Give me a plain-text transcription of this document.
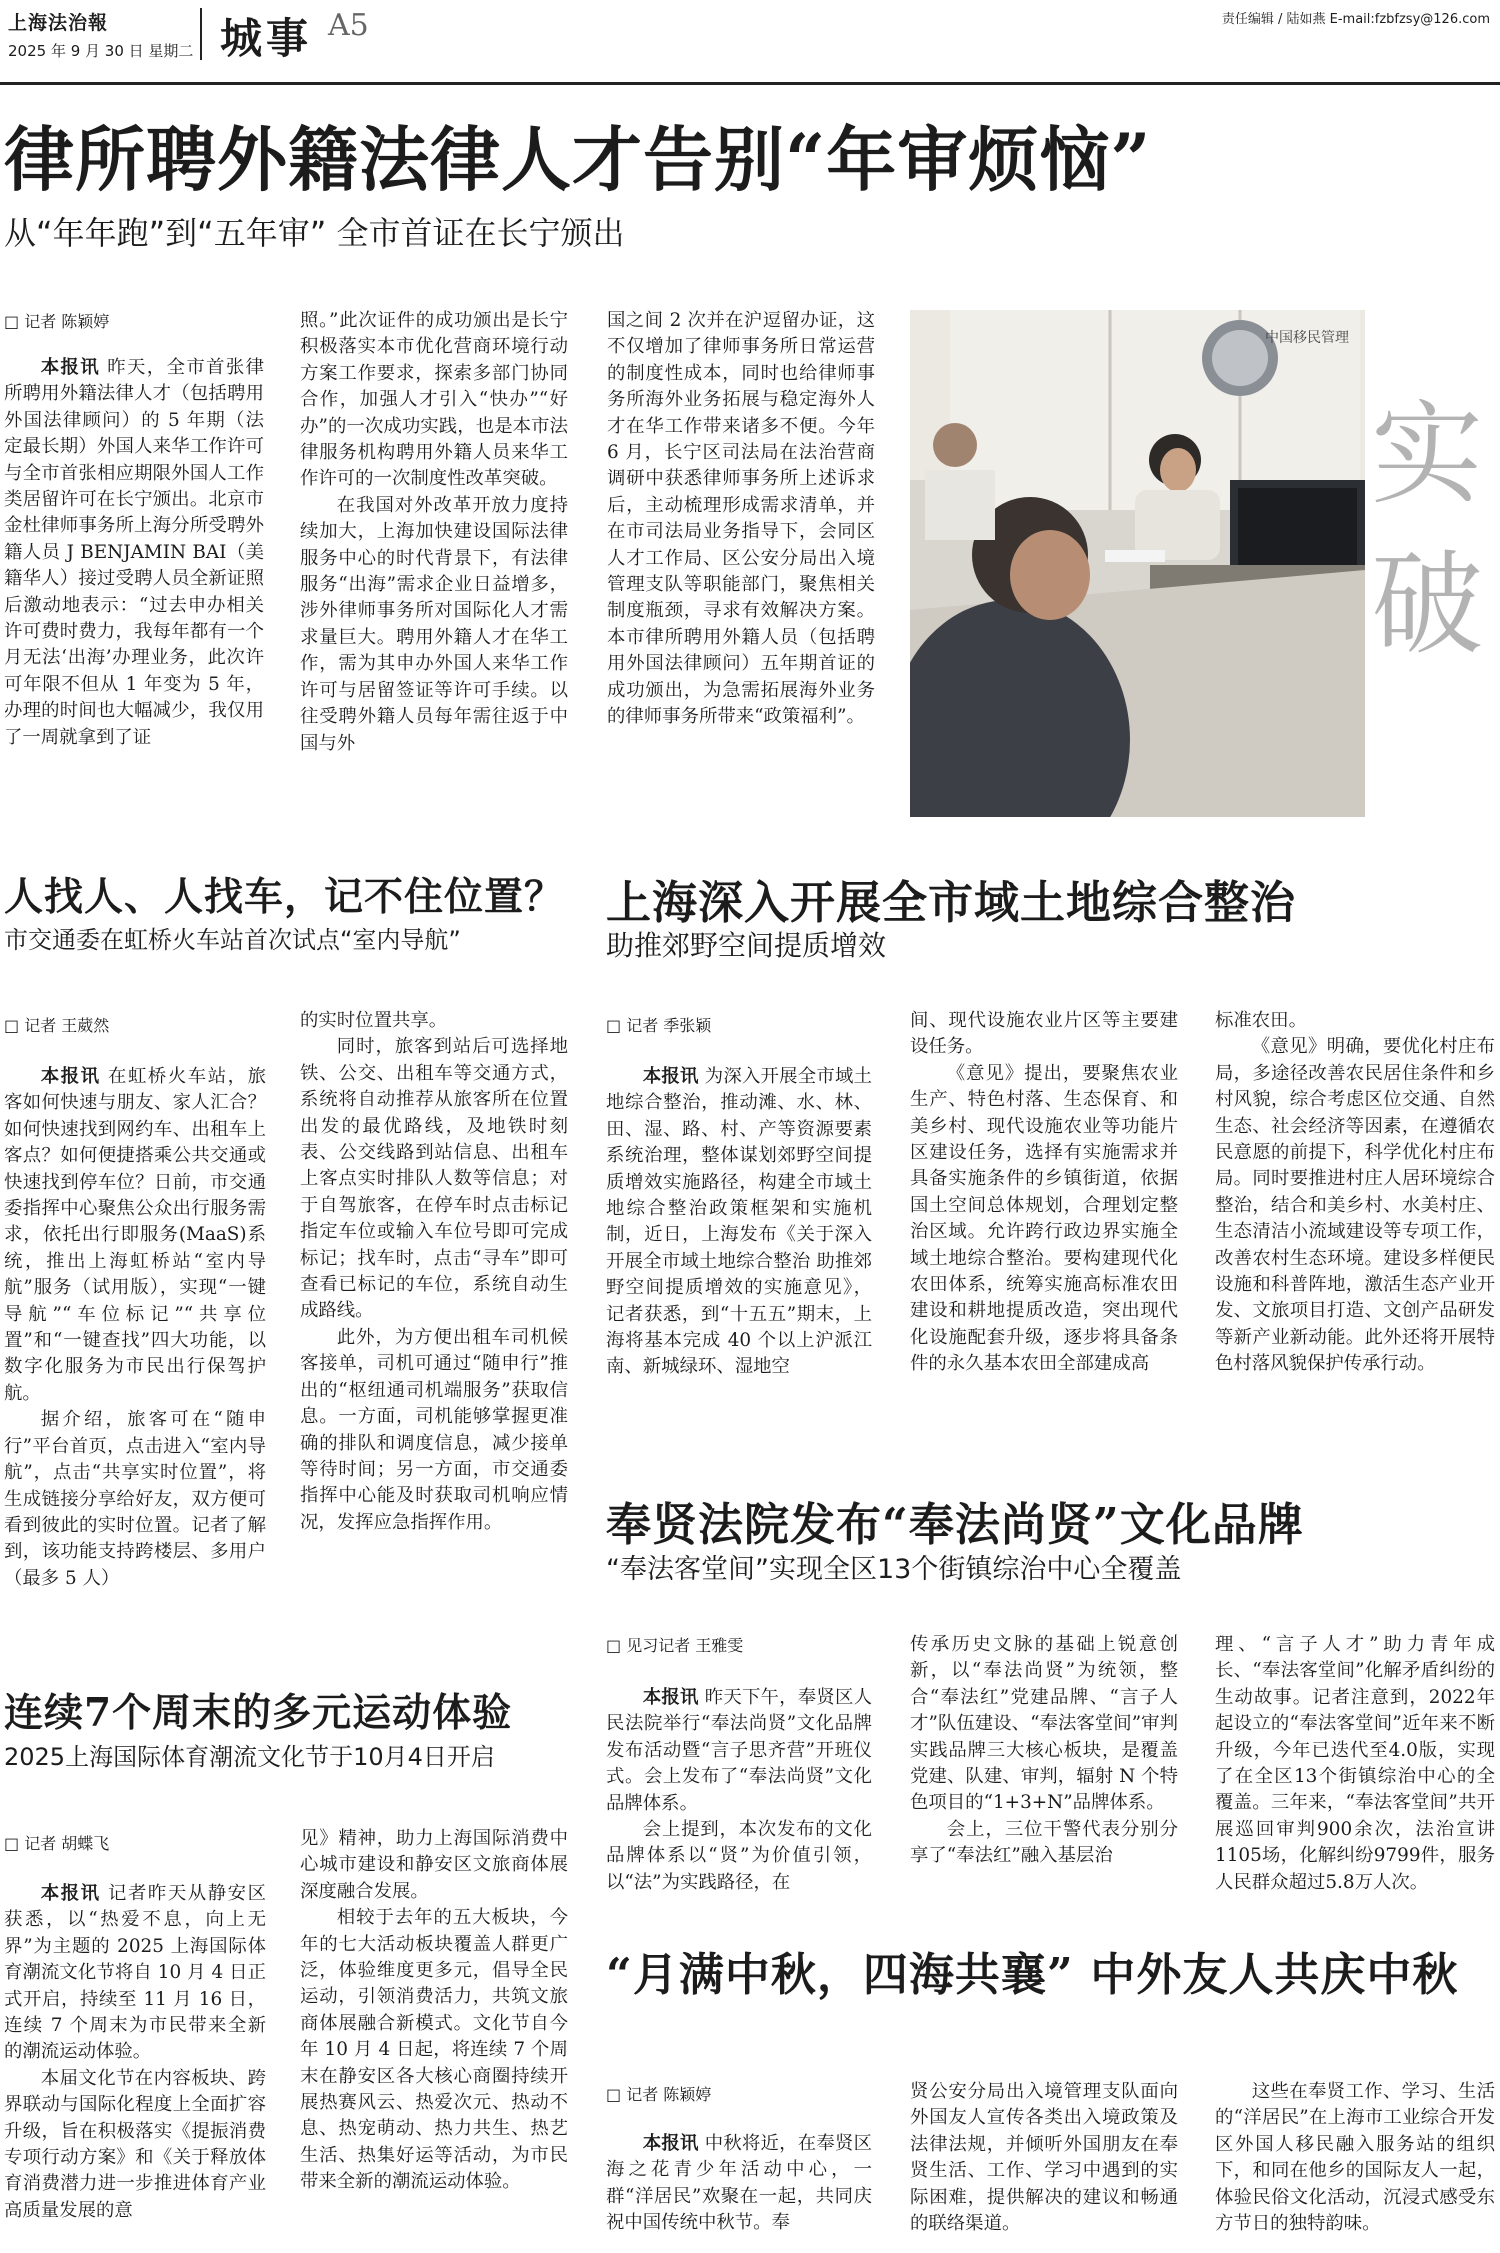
上海法治報
2025 年 9 月 30 日 星期二 城事 A5	责任编辑 / 陆如燕 E-mail:fzbfzsy@126.com
律所聘外籍法律人才告别“年审烦恼”
从“年年跑”到“五年审” 全市首证在长宁颁出
□ 记者 陈颖婷

本报讯 昨天，全市首张律所聘用外籍法律人才（包括聘用外国法律顾问）的 5 年期（法定最长期）外国人来华工作许可与全市首张相应期限外国人工作类居留许可在长宁颁出。北京市金杜律师事务所上海分所受聘外籍人员 J BENJAMIN BAI（美籍华人）接过受聘人员全新证照后激动地表示：“过去申办相关许可费时费力，我每年都有一个月无法‘出海’办理业务，此次许可年限不但从 1 年变为 5 年，办理的时间也大幅减少，我仅用了一周就拿到了证

照。”此次证件的成功颁出是长宁积极落实本市优化营商环境行动方案工作要求，探索多部门协同合作，加强人才引入“快办”“好办”的一次成功实践，也是本市法律服务机构聘用外籍人员来华工作许可的一次制度性改革突破。

在我国对外改革开放力度持续加大，上海加快建设国际法律服务中心的时代背景下，有法律服务“出海”需求企业日益增多，涉外律师事务所对国际化人才需求量巨大。聘用外籍人才在华工作，需为其申办外国人来华工作许可与居留签证等许可手续。以往受聘外籍人员每年需往返于中国与外

国之间 2 次并在沪逗留办证，这不仅增加了律师事务所日常运营的制度性成本，同时也给律师事务所海外业务拓展与稳定海外人才在华工作带来诸多不便。今年 6 月，长宁区司法局在法治营商调研中获悉律师事务所上述诉求后，主动梳理形成需求清单，并在市司法局业务指导下，会同区人才工作局、区公安分局出入境管理支队等职能部门，聚焦相关制度瓶颈，寻求有效解决方案。本市律所聘用外籍人员（包括聘用外国法律顾问）五年期首证的成功颁出，为急需拓展海外业务的律师事务所带来“政策福利”。

中国移民管理
实破
人找人、人找车，记不住位置？
市交通委在虹桥火车站首次试点“室内导航”
□ 记者 王葳然

本报讯 在虹桥火车站，旅客如何快速与朋友、家人汇合？如何快速找到网约车、出租车上客点？如何便捷搭乘公共交通或快速找到停车位？日前，市交通委指挥中心聚焦公众出行服务需求，依托出行即服务(MaaS)系统，推出上海虹桥站“室内导航”服务（试用版），实现“一键导航”“车位标记”“共享位置”和“一键查找”四大功能，以数字化服务为市民出行保驾护航。

据介绍，旅客可在“随申行”平台首页，点击进入“室内导航”，点击“共享实时位置”，将生成链接分享给好友，双方便可看到彼此的实时位置。记者了解到，该功能支持跨楼层、多用户（最多 5 人）

的实时位置共享。

同时，旅客到站后可选择地铁、公交、出租车等交通方式，系统将自动推荐从旅客所在位置出发的最优路线，及地铁时刻表、公交线路到站信息、出租车上客点实时排队人数等信息；对于自驾旅客，在停车时点击标记指定车位或输入车位号即可完成标记；找车时，点击“寻车”即可查看已标记的车位，系统自动生成路线。

此外，为方便出租车司机候客接单，司机可通过“随申行”推出的“枢纽通司机端服务”获取信息。一方面，司机能够掌握更准确的排队和调度信息，减少接单等待时间；另一方面，市交通委指挥中心能及时获取司机响应情况，发挥应急指挥作用。

上海深入开展全市域土地综合整治
助推郊野空间提质增效
□ 记者 季张颖

本报讯 为深入开展全市域土地综合整治，推动滩、水、林、田、湿、路、村、产等资源要素系统治理，整体谋划郊野空间提质增效实施路径，构建全市域土地综合整治政策框架和实施机制，近日，上海发布《关于深入开展全市域土地综合整治 助推郊野空间提质增效的实施意见》，记者获悉，到“十五五”期末，上海将基本完成 40 个以上沪派江南、新城绿环、湿地空

间、现代设施农业片区等主要建设任务。

《意见》提出，要聚焦农业生产、特色村落、生态保育、和美乡村、现代设施农业等功能片区建设任务，选择有实施需求并具备实施条件的乡镇街道，依据国土空间总体规划，合理划定整治区域。允许跨行政边界实施全域土地综合整治。要构建现代化农田体系，统筹实施高标准农田建设和耕地提质改造，突出现代化设施配套升级，逐步将具备条件的永久基本农田全部建成高

标准农田。

《意见》明确，要优化村庄布局，多途径改善农民居住条件和乡村风貌，综合考虑区位交通、自然生态、社会经济等因素，在遵循农民意愿的前提下，科学优化村庄布局。同时要推进村庄人居环境综合整治，结合和美乡村、水美村庄、生态清洁小流域建设等专项工作，改善农村生态环境。建设多样便民设施和科普阵地，激活生态产业开发、文旅项目打造、文创产品研发等新产业新动能。此外还将开展特色村落风貌保护传承行动。

奉贤法院发布“奉法尚贤”文化品牌
“奉法客堂间”实现全区13个街镇综治中心全覆盖
□ 见习记者 王雅雯

本报讯 昨天下午，奉贤区人民法院举行“奉法尚贤”文化品牌发布活动暨“言子思齐营”开班仪式。会上发布了“奉法尚贤”文化品牌体系。

会上提到，本次发布的文化品牌体系以“贤”为价值引领，以“法”为实践路径，在

传承历史文脉的基础上锐意创新，以“奉法尚贤”为统领，整合“奉法红”党建品牌、“言子人才”队伍建设、“奉法客堂间”审判实践品牌三大核心板块，是覆盖党建、队建、审判，辐射 N 个特色项目的“1+3+N”品牌体系。

会上，三位干警代表分别分享了“奉法红”融入基层治

理、“言子人才”助力青年成长、“奉法客堂间”化解矛盾纠纷的生动故事。记者注意到，2022年起设立的“奉法客堂间”近年来不断升级，今年已迭代至4.0版，实现了在全区13个街镇综治中心的全覆盖。三年来，“奉法客堂间”共开展巡回审判900余次，法治宣讲1105场，化解纠纷9799件，服务人民群众超过5.8万人次。

连续7个周末的多元运动体验
2025上海国际体育潮流文化节于10月4日开启
□ 记者 胡蝶飞

本报讯 记者昨天从静安区获悉，以“热爱不息，向上无界”为主题的 2025 上海国际体育潮流文化节将自 10 月 4 日正式开启，持续至 11 月 16 日，连续 7 个周末为市民带来全新的潮流运动体验。

本届文化节在内容板块、跨界联动与国际化程度上全面扩容升级，旨在积极落实《提振消费专项行动方案》和《关于释放体育消费潜力进一步推进体育产业高质量发展的意

见》精神，助力上海国际消费中心城市建设和静安区文旅商体展深度融合发展。

相较于去年的五大板块，今年的七大活动板块覆盖人群更广泛，体验维度更多元，倡导全民运动，引领消费活力，共筑文旅商体展融合新模式。文化节自今年 10 月 4 日起，将连续 7 个周末在静安区各大核心商圈持续开展热赛风云、热爱次元、热动不息、热宠萌动、热力共生、热艺生活、热集好运等活动，为市民带来全新的潮流运动体验。

“月满中秋，四海共襄” 中外友人共庆中秋
□ 记者 陈颖婷

本报讯 中秋将近，在奉贤区海之花青少年活动中心，一群“洋居民”欢聚在一起，共同庆祝中国传统中秋节。奉

贤公安分局出入境管理支队面向外国友人宣传各类出入境政策及法律法规，并倾听外国朋友在奉贤生活、工作、学习中遇到的实际困难，提供解决的建议和畅通的联络渠道。

这些在奉贤工作、学习、生活的“洋居民”在上海市工业综合开发区外国人移民融入服务站的组织下，和同在他乡的国际友人一起，体验民俗文化活动，沉浸式感受东方节日的独特韵味。
